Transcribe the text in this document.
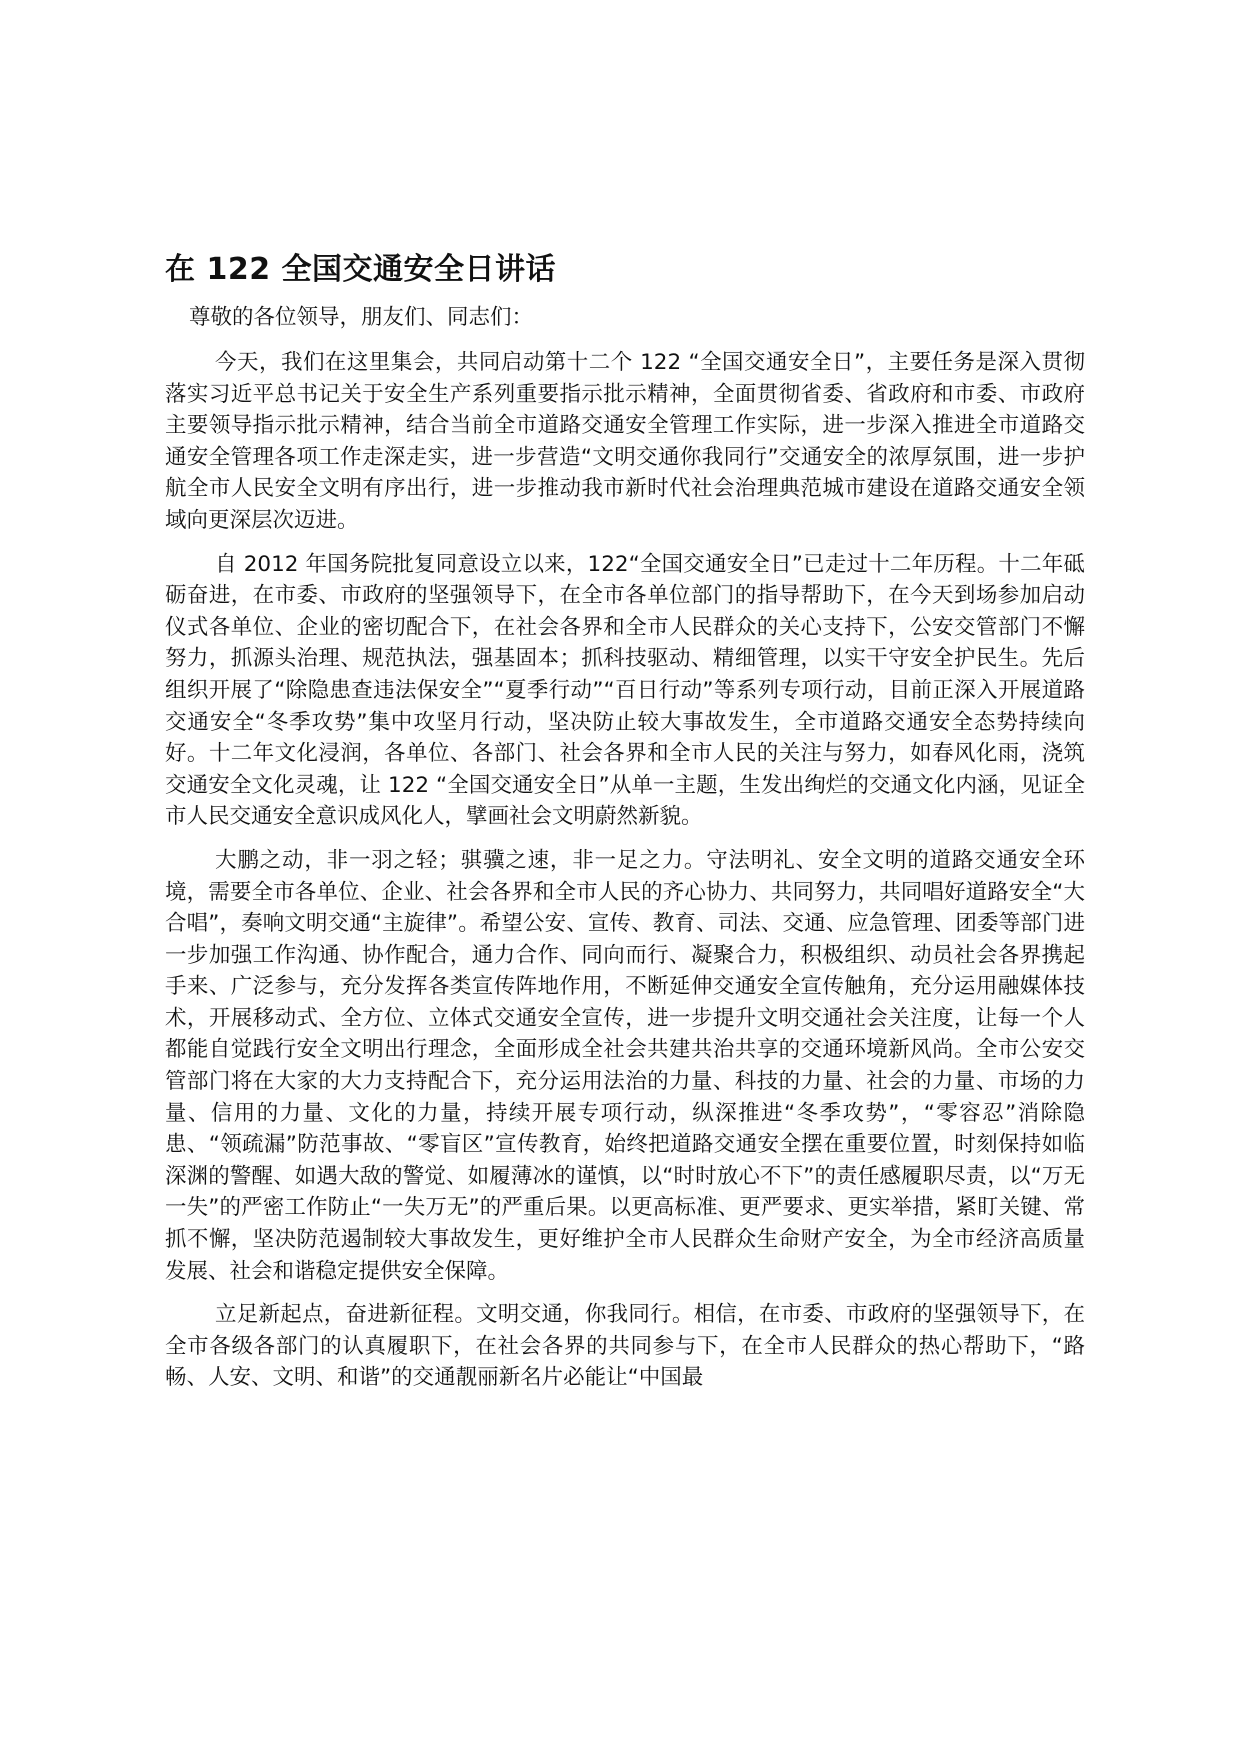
在 122 全国交通安全日讲话

尊敬的各位领导，朋友们、同志们：

今天，我们在这里集会，共同启动第十二个 122 “全国交通安全日”，主要任务是深入贯彻落实习近平总书记关于安全生产系列重要指示批示精神，全面贯彻省委、省政府和市委、市政府主要领导指示批示精神，结合当前全市道路交通安全管理工作实际，进一步深入推进全市道路交通安全管理各项工作走深走实，进一步营造“文明交通你我同行”交通安全的浓厚氛围，进一步护航全市人民安全文明有序出行，进一步推动我市新时代社会治理典范城市建设在道路交通安全领域向更深层次迈进。

自 2012 年国务院批复同意设立以来，122“全国交通安全日”已走过十二年历程。十二年砥砺奋进，在市委、市政府的坚强领导下，在全市各单位部门的指导帮助下，在今天到场参加启动仪式各单位、企业的密切配合下，在社会各界和全市人民群众的关心支持下，公安交管部门不懈努力，抓源头治理、规范执法，强基固本；抓科技驱动、精细管理，以实干守安全护民生。先后组织开展了“除隐患查违法保安全”“夏季行动”“百日行动”等系列专项行动，目前正深入开展道路交通安全“冬季攻势”集中攻坚月行动，坚决防止较大事故发生，全市道路交通安全态势持续向好。十二年文化浸润，各单位、各部门、社会各界和全市人民的关注与努力，如春风化雨，浇筑交通安全文化灵魂，让 122 “全国交通安全日”从单一主题，生发出绚烂的交通文化内涵，见证全市人民交通安全意识成风化人，擘画社会文明蔚然新貌。

大鹏之动，非一羽之轻；骐骥之速，非一足之力。守法明礼、安全文明的道路交通安全环境，需要全市各单位、企业、社会各界和全市人民的齐心协力、共同努力，共同唱好道路安全“大合唱”，奏响文明交通“主旋律”。希望公安、宣传、教育、司法、交通、应急管理、团委等部门进一步加强工作沟通、协作配合，通力合作、同向而行、凝聚合力，积极组织、动员社会各界携起手来、广泛参与，充分发挥各类宣传阵地作用，不断延伸交通安全宣传触角，充分运用融媒体技术，开展移动式、全方位、立体式交通安全宣传，进一步提升文明交通社会关注度，让每一个人都能自觉践行安全文明出行理念，全面形成全社会共建共治共享的交通环境新风尚。全市公安交管部门将在大家的大力支持配合下，充分运用法治的力量、科技的力量、社会的力量、市场的力量、信用的力量、文化的力量，持续开展专项行动，纵深推进“冬季攻势”，“零容忍”消除隐患、“领疏漏”防范事故、“零盲区”宣传教育，始终把道路交通安全摆在重要位置，时刻保持如临深渊的警醒、如遇大敌的警觉、如履薄冰的谨慎，以“时时放心不下”的责任感履职尽责，以“万无一失”的严密工作防止“一失万无”的严重后果。以更高标准、更严要求、更实举措，紧盯关键、常抓不懈，坚决防范遏制较大事故发生，更好维护全市人民群众生命财产安全，为全市经济高质量发展、社会和谐稳定提供安全保障。

立足新起点，奋进新征程。文明交通，你我同行。相信，在市委、市政府的坚强领导下，在全市各级各部门的认真履职下，在社会各界的共同参与下，在全市人民群众的热心帮助下，“路畅、人安、文明、和谐”的交通靓丽新名片必能让“中国最
